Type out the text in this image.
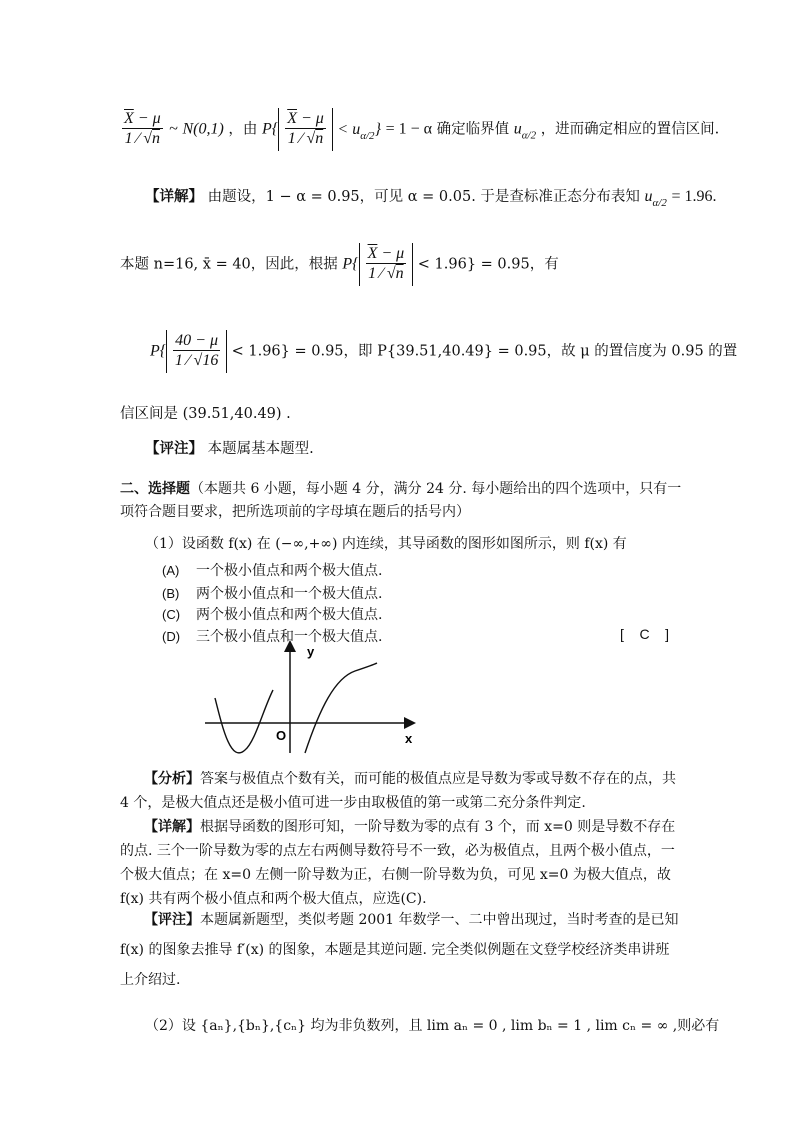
$\frac{\overline{X} - \mu}{1 ⁄ √n}$ ~ N(0,1) ，由 $P\{ \frac{\overline{X} - \mu}{1 ⁄ √n} < u_{\alpha/2}\} = 1 - \alpha$ 确定临界值 $u_{\alpha/2}$ ，进而确定相应的置信区间.
【详解】 由题设，1 − α = 0.95，可见 α = 0.05. 于是查标准正态分布表知 $u_{\alpha/2} = 1.96$.
本题 n=16, x̄ = 40，因此，根据 $P\{ \frac{\overline{X} - \mu}{1 ⁄ √n} < 1.96\} = 0.95$，有
$P\{ \frac{40 - \mu}{1 ⁄ √16} < 1.96\} = 0.95$，即 P{39.51,40.49} = 0.95，故 μ 的置信度为 0.95 的置
信区间是 (39.51,40.49) .
【评注】 本题属基本题型.
二、选择题（本题共 6 小题，每小题 4 分，满分 24 分. 每小题给出的四个选项中，只有一
项符合题目要求，把所选项前的字母填在题后的括号内）
（1）设函数 f(x) 在 (−∞,+∞) 内连续，其导函数的图形如图所示，则 f(x) 有
(A) 一个极小值点和两个极大值点.
(B) 两个极小值点和一个极大值点.
(C) 两个极小值点和两个极大值点.
(D) 三个极小值点和一个极大值点.	[    C    ]
y
x
O
【分析】答案与极值点个数有关，而可能的极值点应是导数为零或导数不存在的点，共 4 个，是极大值点还是极小值可进一步由取极值的第一或第二充分条件判定.
【详解】根据导函数的图形可知，一阶导数为零的点有 3 个，而 x=0 则是导数不存在的点. 三个一阶导数为零的点左右两侧导数符号不一致，必为极值点，且两个极小值点，一个极大值点；在 x=0 左侧一阶导数为正，右侧一阶导数为负，可见 x=0 为极大值点，故 f(x) 共有两个极小值点和两个极大值点，应选(C).
【评注】本题属新题型，类似考题 2001 年数学一、二中曾出现过，当时考查的是已知 f(x) 的图象去推导 f′(x) 的图象，本题是其逆问题. 完全类似例题在文登学校经济类串讲班上介绍过.
（2）设 {aₙ},{bₙ},{cₙ} 均为非负数列，且 lim aₙ = 0 , lim bₙ = 1 , lim cₙ = ∞ ,则必有
